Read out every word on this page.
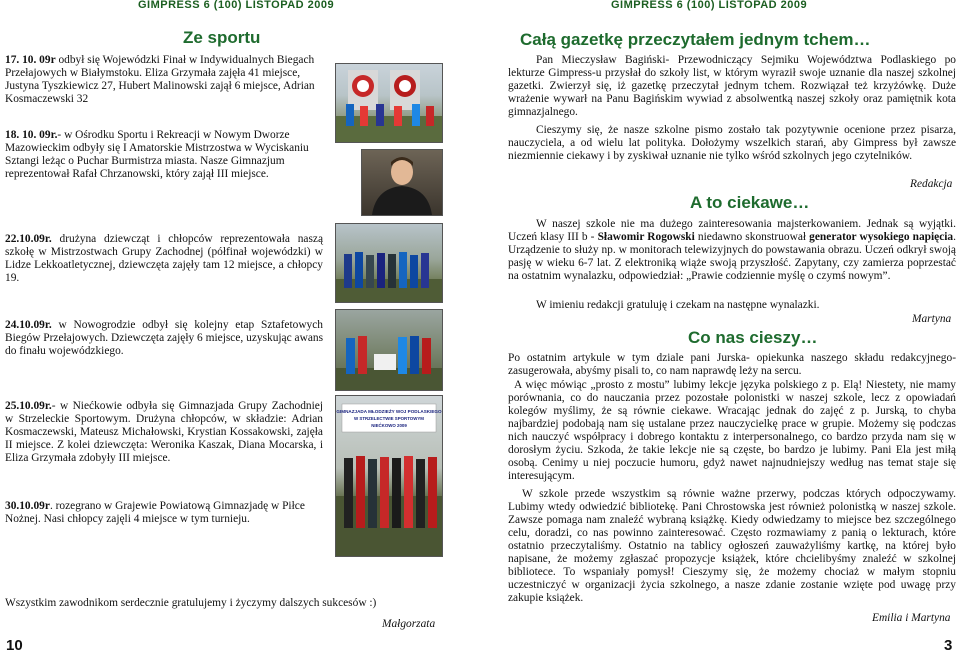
GIMPRESS 6 (100) LISTOPAD 2009	GIMPRESS 6 (100) LISTOPAD 2009
Ze sportu
17. 10. 09r odbył się Wojewódzki Finał w Indywidualnych Biegach Przełajowych w Białymstoku. Eliza Grzymała zajęła 41 miejsce, Justyna Tyszkiewicz 27, Hubert Malinowski zajął 6 miejsce, Adrian Kosmaczewski 32
18. 10. 09r.- w Ośrodku Sportu i Rekreacji w Nowym Dworze Mazowieckim odbyły się I Amatorskie Mistrzostwa w Wyciskaniu Sztangi leżąc o Puchar Burmistrza miasta. Nasze Gimnazjum reprezentował Rafał Chrzanowski, który zajął III miejsce.
22.10.09r. drużyna dziewcząt i chłopców reprezentowała naszą szkołę w Mistrzostwach Grupy Zachodnej (półfinał wojewódzki) w Lidze Lekkoatletycznej, dziewczęta zajęły tam 12 miejsce, a chłopcy 19.
24.10.09r. w Nowogrodzie odbył się kolejny etap Sztafetowych Biegów Przełajowych. Dziewczęta zajęły 6 miejsce, uzyskując awans do finału wojewódzkiego.
25.10.09r.- w Niećkowie odbyła się Gimnazjada Grupy Zachodniej w Strzeleckie Sportowym. Drużyna chłopców, w składzie: Adrian Kosmaczewski, Mateusz Michałowski, Krystian Kossakowski, zajęła II miejsce. Z kolei dziewczęta: Weronika Kaszak, Diana Mocarska, i Eliza Grzymała zdobyły III miejsce.
30.10.09r. rozegrano w Grajewie Powiatową Gimnazjadę w Piłce Nożnej. Nasi chłopcy zajęli 4 miejsce w tym turnieju.
GIMNAZJADA MŁODZIEŻY WOJ PODLASKIEGO
W STRZELECTWIE SPORTOWYM
NIEĆKOWO 2009
Wszystkim zawodnikom serdecznie gratulujemy i życzymy dalszych sukcesów :)
Małgorzata
10
Całą gazetkę przeczytałem jednym tchem…
Pan Mieczysław Bagiński- Przewodniczący Sejmiku Województwa Podlaskiego po lekturze Gimpress-u przysłał do szkoły list, w którym wyraził swoje uznanie dla naszej szkolnej gazetki. Zwierzył się, iż gazetkę przeczytał jednym tchem. Rozwiązał też krzyżówkę. Duże wrażenie wywarł na Panu Bagińskim wywiad z absolwentką naszej szkoły oraz pamiętnik kota gimnazjalnego.
Cieszymy się, że nasze szkolne pismo zostało tak pozytywnie ocenione przez pisarza, nauczyciela, a od wielu lat polityka. Dołożymy wszelkich starań, aby Gimpress był zawsze niezmiennie ciekawy i by zyskiwał uznanie nie tylko wśród szkolnych jego czytelników.
Redakcja
A to ciekawe…
W naszej szkole nie ma dużego zainteresowania majsterkowaniem. Jednak są wyjątki. Uczeń klasy III b - Sławomir Rogowski niedawno skonstruował generator wysokiego napięcia. Urządzenie to służy np. w monitorach telewizyjnych do powstawania obrazu. Uczeń odkrył swoją pasję w wieku 6-7 lat. Z elektroniką wiąże swoją przyszłość. Zapytany, czy zamierza poprzestać na ostatnim wynalazku, odpowiedział: „Prawie codziennie myślę o czymś nowym”.
W imieniu redakcji gratuluję i czekam na następne wynalazki.
Martyna
Co nas cieszy…
Po ostatnim artykule w tym dziale pani Jurska- opiekunka naszego składu redakcyjnego- zasugerowała, abyśmy pisali to, co nam naprawdę leży na sercu.
A więc mówiąc „prosto z mostu” lubimy lekcje języka polskiego z p. Elą! Niestety, nie mamy porównania, co do nauczania przez pozostałe polonistki w naszej szkole, lecz z opowiadań kolegów myślimy, że są równie ciekawe. Wracając jednak do zajęć z p. Jurską, to chyba najbardziej podobają nam się ustalane przez nauczycielkę prace w grupie. Możemy się podczas nich nauczyć współpracy i dobrego kontaktu z interpersonalnego, co bardzo przyda nam się w dorosłym życiu. Szkoda, że takie lekcje nie są częste, bo bardzo je lubimy. Pani Ela jest miłą osobą. Cenimy u niej poczucie humoru, gdyż nawet najnudniejszy według nas temat staje się interesującym.
W szkole przede wszystkim są równie ważne przerwy, podczas których odpoczywamy. Lubimy wtedy odwiedzić bibliotekę. Pani Chrostowska jest również polonistką w naszej szkole. Zawsze pomaga nam znaleźć wybraną książkę. Kiedy odwiedzamy to miejsce bez szczególnego celu, doradzi, co nas powinno zainteresować. Często rozmawiamy z panią o lekturach, które ostatnio przeczytaliśmy. Ostatnio na tablicy ogłoszeń zauważyliśmy kartkę, na której było napisane, że możemy zgłaszać propozycje książek, które chcielibyśmy znaleźć w szkolnej bibliotece. To wspaniały pomysł! Cieszymy się, że możemy chociaż w małym stopniu uczestniczyć w organizacji życia szkolnego, a nasze zdanie zostanie wzięte pod uwagę przy zakupie książek.
Emilia i Martyna
3
